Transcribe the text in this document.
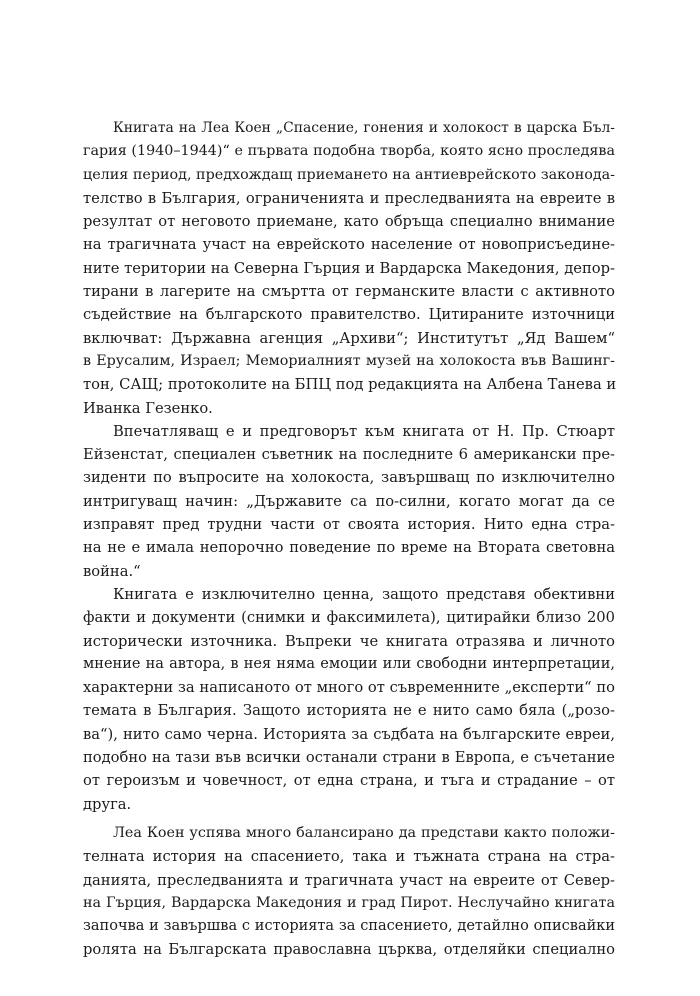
Книгата на Леа Коен „Спасение, гонения и холокост в царска Бъл-
гария (1940–1944)“ е първата подобна творба, която ясно проследява
целия период, предхождащ приемането на антиеврейското законода-
телство в България, ограниченията и преследванията на евреите в
резултат от неговото приемане, като обръща специално внимание
на трагичната участ на еврейското население от новоприсъедине-
ните територии на Северна Гърция и Вардарска Македония, депор-
тирани в лагерите на смъртта от германските власти с активното
съдействие на българското правителство. Цитираните източници
включват: Държавна агенция „Архиви“; Институтът „Яд Вашем“
в Ерусалим, Израел; Мемориалният музей на холокоста във Вашинг-
тон, САЩ; протоколите на БПЦ под редакцията на Албена Танева и
Иванка Гезенко.
Впечатляващ е и предговорът към книгата от Н. Пр. Стюарт
Ейзенстат, специален съветник на последните 6 американски пре-
зиденти по въпросите на холокоста, завършващ по изключително
интригуващ начин: „Държавите са по-силни, когато могат да се
изправят пред трудни части от своята история. Нито една стра-
на не е имала непорочно поведение по време на Втората световна
война.“
Книгата е изключително ценна, защото представя обективни
факти и документи (снимки и факсимилета), цитирайки близо 200
исторически източника. Въпреки че книгата отразява и личното
мнение на автора, в нея няма емоции или свободни интерпретации,
характерни за написаното от много от съвременните „експерти“ по
темата в България. Защото историята не е нито само бяла („розо-
ва“), нито само черна. Историята за съдбата на българските евреи,
подобно на тази във всички останали страни в Европа, е съчетание
от героизъм и човечност, от една страна, и тъга и страдание – от
друга.
Леа Коен успява много балансирано да представи както положи-
телната история на спасението, така и тъжната страна на стра-
данията, преследванията и трагичната участ на евреите от Север-
на Гърция, Вардарска Македония и град Пирот. Неслучайно книгата
започва и завършва с историята за спасението, детайлно описвайки
ролята на Българската православна църква, отделяйки специално
